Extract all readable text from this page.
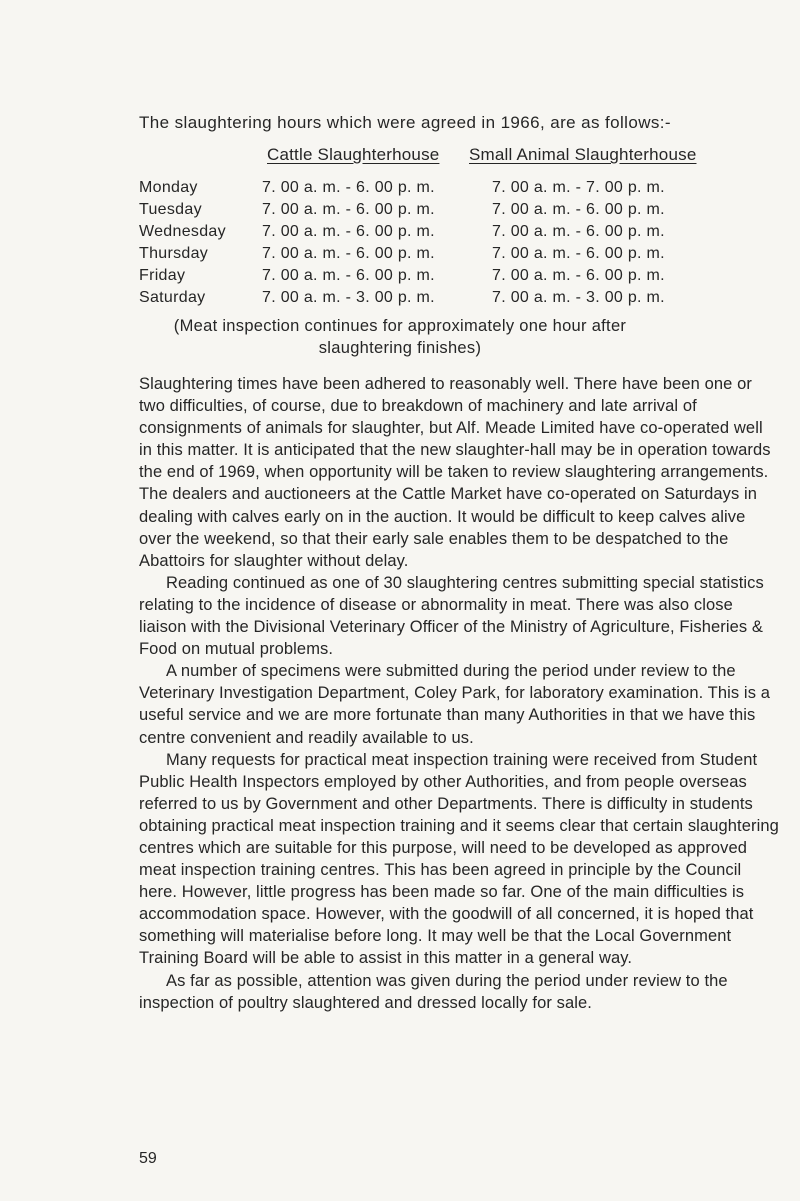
The slaughtering hours which were agreed in 1966, are as follows:-
Cattle Slaughterhouse Small Animal Slaughterhouse
Monday	7. 00 a. m. - 6. 00 p. m.	7. 00 a. m. - 7. 00 p. m.
Tuesday	7. 00 a. m. - 6. 00 p. m.	7. 00 a. m. - 6. 00 p. m.
Wednesday 7. 00 a. m. - 6. 00 p. m.	7. 00 a. m. - 6. 00 p. m.
Thursday	7. 00 a. m. - 6. 00 p. m.	7. 00 a. m. - 6. 00 p. m.
Friday	7. 00 a. m. - 6. 00 p. m.	7. 00 a. m. - 6. 00 p. m.
Saturday	7. 00 a. m. - 3. 00 p. m.	7. 00 a. m. - 3. 00 p. m.
(Meat inspection continues for approximately one hour after
slaughtering finishes)

Slaughtering times have been adhered to reasonably well. There have been one or two difficulties, of course, due to breakdown of machinery and late arrival of consignments of animals for slaughter, but Alf. Meade Limited have co-operated well in this matter. It is anticipated that the new slaughter-hall may be in operation towards the end of 1969, when opportunity will be taken to review slaughtering arrangements. The dealers and auctioneers at the Cattle Market have co-operated on Saturdays in dealing with calves early on in the auction. It would be difficult to keep calves alive over the weekend, so that their early sale enables them to be despatched to the Abattoirs for slaughter without delay.

Reading continued as one of 30 slaughtering centres submitting special statistics relating to the incidence of disease or abnormality in meat. There was also close liaison with the Divisional Veterinary Officer of the Ministry of Agriculture, Fisheries & Food on mutual problems.

A number of specimens were submitted during the period under review to the Veterinary Investigation Department, Coley Park, for laboratory examination. This is a useful service and we are more fortunate than many Authorities in that we have this centre convenient and readily available to us.

Many requests for practical meat inspection training were received from Student Public Health Inspectors employed by other Authorities, and from people overseas referred to us by Government and other Departments. There is difficulty in students obtaining practical meat inspection training and it seems clear that certain slaughtering centres which are suitable for this purpose, will need to be developed as approved meat inspection training centres. This has been agreed in principle by the Council here. However, little progress has been made so far. One of the main difficulties is accommodation space. However, with the goodwill of all concerned, it is hoped that something will materialise before long. It may well be that the Local Government Training Board will be able to assist in this matter in a general way.

As far as possible, attention was given during the period under review to the inspection of poultry slaughtered and dressed locally for sale.

59
